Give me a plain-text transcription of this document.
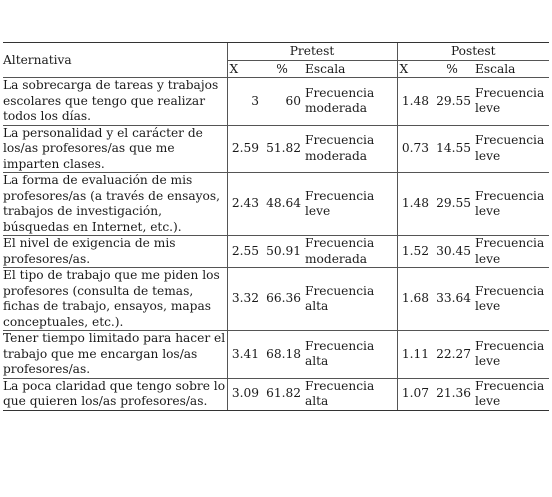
Alternativa	Pretest			Postest		
	X	%	Escala	X	%	Escala
La sobrecarga de tareas y trabajos escolares que tengo que realizar todos los días.	3	60	Frecuencia moderada	1.48	29.55	Frecuencia leve
La personalidad y el carácter de los/as profesores/as que me imparten clases.	2.59	51.82	Frecuencia moderada	0.73	14.55	Frecuencia leve
La forma de evaluación de mis profesores/as (a través de ensayos, trabajos de investigación, búsquedas en Internet, etc.).	2.43	48.64	Frecuencia leve	1.48	29.55	Frecuencia leve
El nivel de exigencia de mis profesores/as.	2.55	50.91	Frecuencia moderada	1.52	30.45	Frecuencia leve
El tipo de trabajo que me piden los profesores (consulta de temas, fichas de trabajo, ensayos, mapas conceptuales, etc.).	3.32	66.36	Frecuencia alta	1.68	33.64	Frecuencia leve
Tener tiempo limitado para hacer el trabajo que me encargan los/as profesores/as.	3.41	68.18	Frecuencia alta	1.11	22.27	Frecuencia leve
La poca claridad que tengo sobre lo que quieren los/as profesores/as.	3.09	61.82	Frecuencia alta	1.07	21.36	Frecuencia leve
